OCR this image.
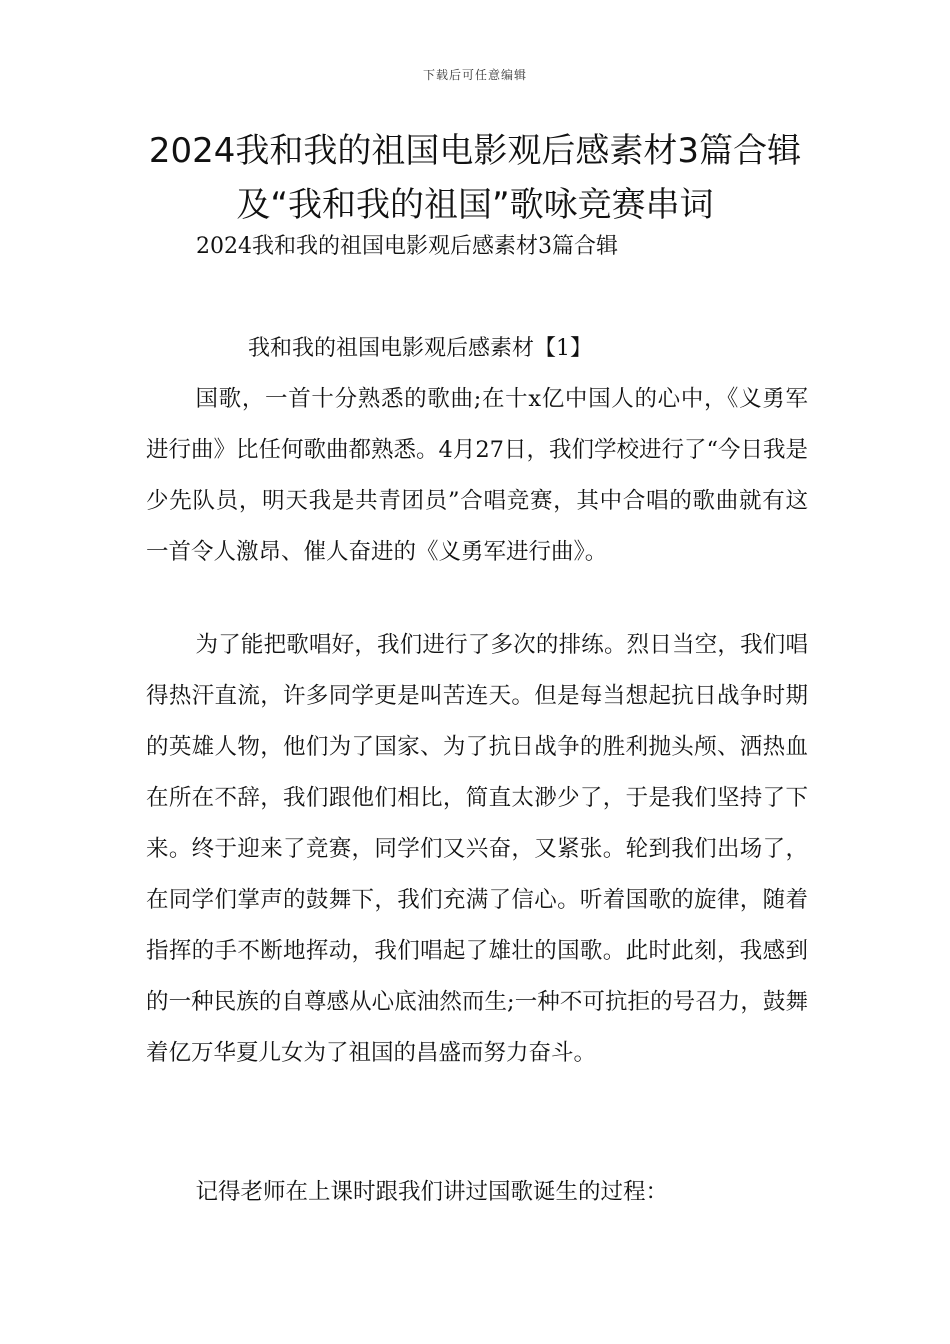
下载后可任意编辑
2024我和我的祖国电影观后感素材3篇合辑及“我和我的祖国”歌咏竞赛串词
2024我和我的祖国电影观后感素材3篇合辑
我和我的祖国电影观后感素材【1】

国歌，一首十分熟悉的歌曲;在十x亿中国人的心中，《义勇军进行曲》比任何歌曲都熟悉。4月27日，我们学校进行了“今日我是少先队员，明天我是共青团员”合唱竞赛，其中合唱的歌曲就有这一首令人激昂、催人奋进的《义勇军进行曲》。

为了能把歌唱好，我们进行了多次的排练。烈日当空，我们唱得热汗直流，许多同学更是叫苦连天。但是每当想起抗日战争时期的英雄人物，他们为了国家、为了抗日战争的胜利抛头颅、洒热血在所在不辞，我们跟他们相比，简直太渺少了，于是我们坚持了下来。终于迎来了竞赛，同学们又兴奋，又紧张。轮到我们出场了，在同学们掌声的鼓舞下，我们充满了信心。听着国歌的旋律，随着指挥的手不断地挥动，我们唱起了雄壮的国歌。此时此刻，我感到的一种民族的自尊感从心底油然而生;一种不可抗拒的号召力，鼓舞着亿万华夏儿女为了祖国的昌盛而努力奋斗。

记得老师在上课时跟我们讲过国歌诞生的过程：
